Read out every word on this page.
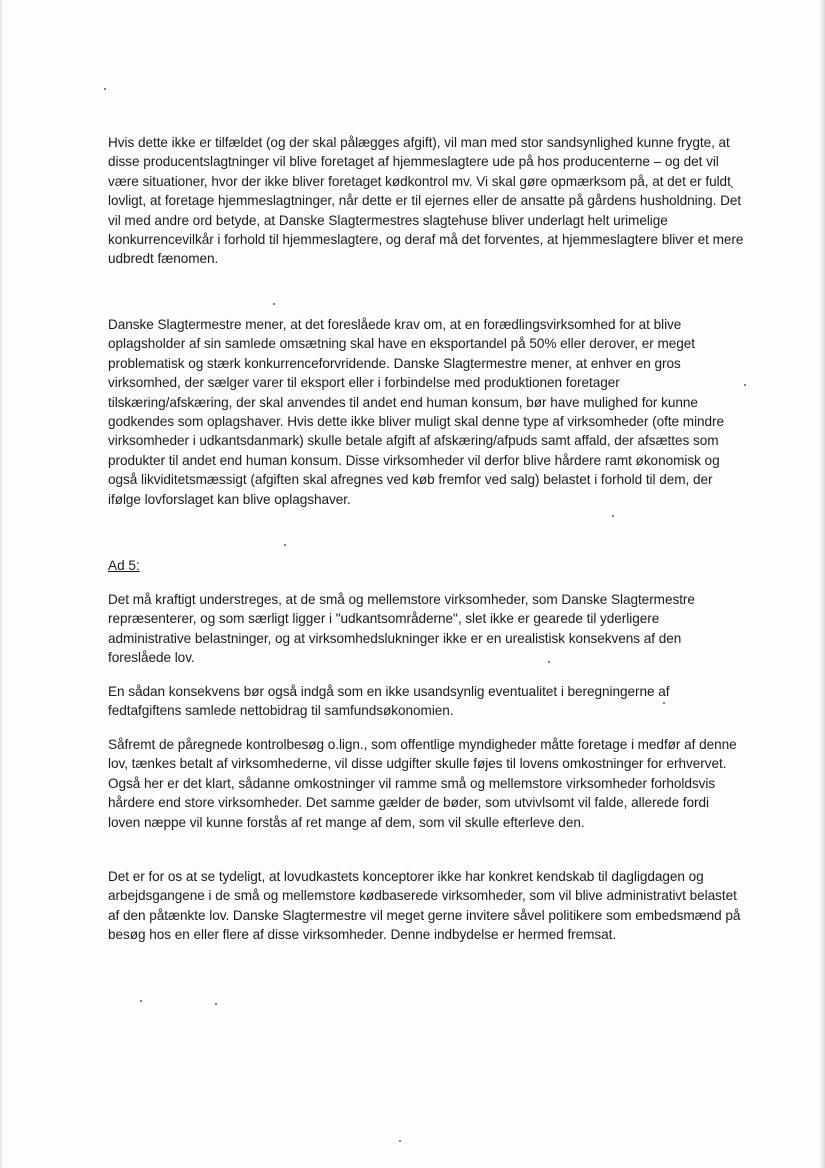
Hvis dette ikke er tilfældet (og der skal pålægges afgift), vil man med stor sandsynlighed kunne frygte, at disse producentslagtninger vil blive foretaget af hjemmeslagtere ude på hos producenterne – og det vil være situationer, hvor der ikke bliver foretaget kødkontrol mv. Vi skal gøre opmærksom på, at det er fuldt lovligt, at foretage hjemmeslagtninger, når dette er til ejernes eller de ansatte på gårdens husholdning. Det vil med andre ord betyde, at Danske Slagtermestres slagtehuse bliver underlagt helt urimelige konkurrencevilkår i forhold til hjemmeslagtere, og deraf må det forventes, at hjemmeslagtere bliver et mere udbredt fænomen.

Danske Slagtermestre mener, at det foreslåede krav om, at en forædlingsvirksomhed for at blive oplagsholder af sin samlede omsætning skal have en eksportandel på 50% eller derover, er meget problematisk og stærk konkurrenceforvridende. Danske Slagtermestre mener, at enhver en gros virksomhed, der sælger varer til eksport eller i forbindelse med produktionen foretager tilskæring/afskæring, der skal anvendes til andet end human konsum, bør have mulighed for kunne godkendes som oplagshaver. Hvis dette ikke bliver muligt skal denne type af virksomheder (ofte mindre virksomheder i udkantsdanmark) skulle betale afgift af afskæring/afpuds samt affald, der afsættes som produkter til andet end human konsum. Disse virksomheder vil derfor blive hårdere ramt økonomisk og også likviditetsmæssigt (afgiften skal afregnes ved køb fremfor ved salg) belastet i forhold til dem, der ifølge lovforslaget kan blive oplagshaver.

Ad 5:

Det må kraftigt understreges, at de små og mellemstore virksomheder, som Danske Slagtermestre repræsenterer, og som særligt ligger i "udkantsområderne", slet ikke er gearede til yderligere administrative belastninger, og at virksomhedslukninger ikke er en urealistisk konsekvens af den foreslåede lov.

En sådan konsekvens bør også indgå som en ikke usandsynlig eventualitet i beregningerne af fedtafgiftens samlede nettobidrag til samfundsøkonomien.

Såfremt de påregnede kontrolbesøg o.lign., som offentlige myndigheder måtte foretage i medfør af denne lov, tænkes betalt af virksomhederne, vil disse udgifter skulle føjes til lovens omkostninger for erhvervet. Også her er det klart, sådanne omkostninger vil ramme små og mellemstore virksomheder forholdsvis hårdere end store virksomheder. Det samme gælder de bøder, som utvivlsomt vil falde, allerede fordi loven næppe vil kunne forstås af ret mange af dem, som vil skulle efterleve den.

Det er for os at se tydeligt, at lovudkastets konceptorer ikke har konkret kendskab til dagligdagen og arbejdsgangene i de små og mellemstore kødbaserede virksomheder, som vil blive administrativt belastet af den påtænkte lov. Danske Slagtermestre vil meget gerne invitere såvel politikere som embedsmænd på besøg hos en eller flere af disse virksomheder. Denne indbydelse er hermed fremsat.
